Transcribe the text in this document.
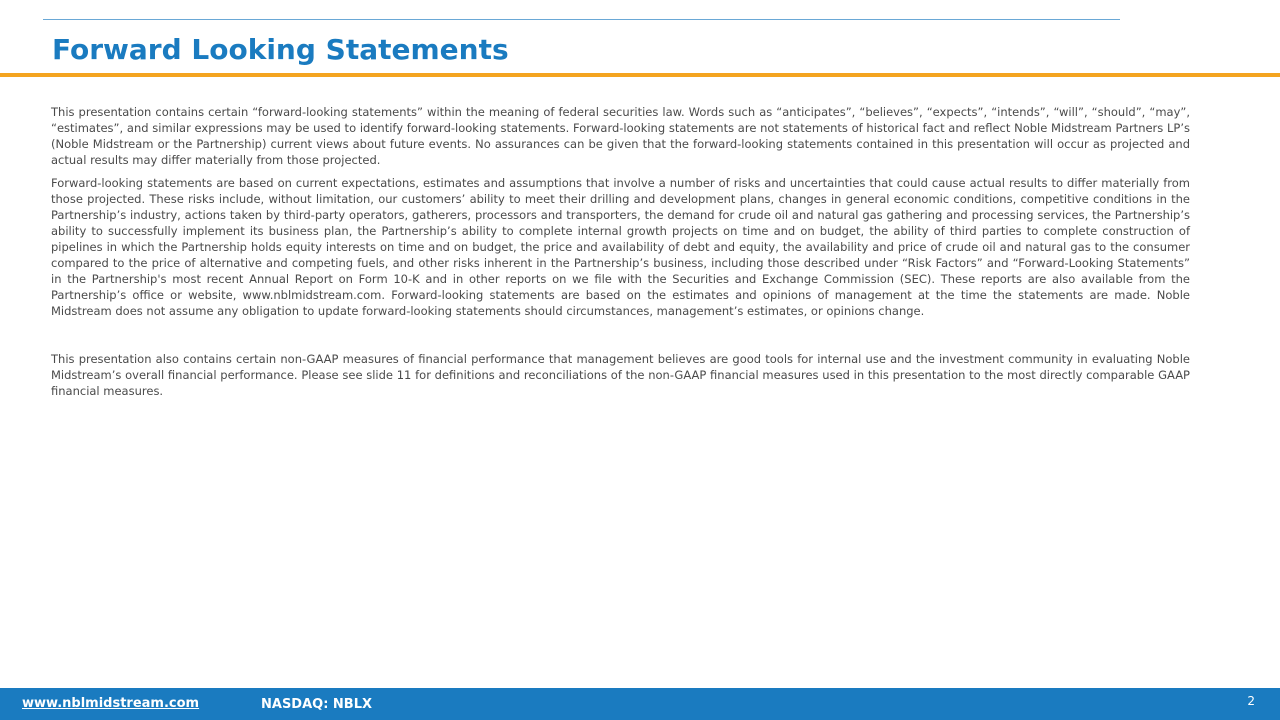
Forward Looking Statements

This presentation contains certain “forward-looking statements” within the meaning of federal securities law. Words such as “anticipates”, “believes”, “expects”, “intends”, “will”, “should”, “may”, “estimates”, and similar expressions may be used to identify forward-looking statements. Forward-looking statements are not statements of historical fact and reflect Noble Midstream Partners LP’s (Noble Midstream or the Partnership) current views about future events. No assurances can be given that the forward-looking statements contained in this presentation will occur as projected and actual results may differ materially from those projected.

Forward-looking statements are based on current expectations, estimates and assumptions that involve a number of risks and uncertainties that could cause actual results to differ materially from those projected. These risks include, without limitation, our customers’ ability to meet their drilling and development plans, changes in general economic conditions, competitive conditions in the Partnership’s industry, actions taken by third-party operators, gatherers, processors and transporters, the demand for crude oil and natural gas gathering and processing services, the Partnership’s ability to successfully implement its business plan, the Partnership’s ability to complete internal growth projects on time and on budget, the ability of third parties to complete construction of pipelines in which the Partnership holds equity interests on time and on budget, the price and availability of debt and equity, the availability and price of crude oil and natural gas to the consumer compared to the price of alternative and competing fuels, and other risks inherent in the Partnership’s business, including those described under “Risk Factors” and “Forward-Looking Statements” in the Partnership's most recent Annual Report on Form 10-K and in other reports on we file with the Securities and Exchange Commission (SEC). These reports are also available from the Partnership’s office or website, www.nblmidstream.com. Forward-looking statements are based on the estimates and opinions of management at the time the statements are made. Noble Midstream does not assume any obligation to update forward-looking statements should circumstances, management’s estimates, or opinions change.

This presentation also contains certain non-GAAP measures of financial performance that management believes are good tools for internal use and the investment community in evaluating Noble Midstream’s overall financial performance. Please see slide 11 for definitions and reconciliations of the non-GAAP financial measures used in this presentation to the most directly comparable GAAP financial measures.

www.nblmidstream.com	NASDAQ: NBLX	2
